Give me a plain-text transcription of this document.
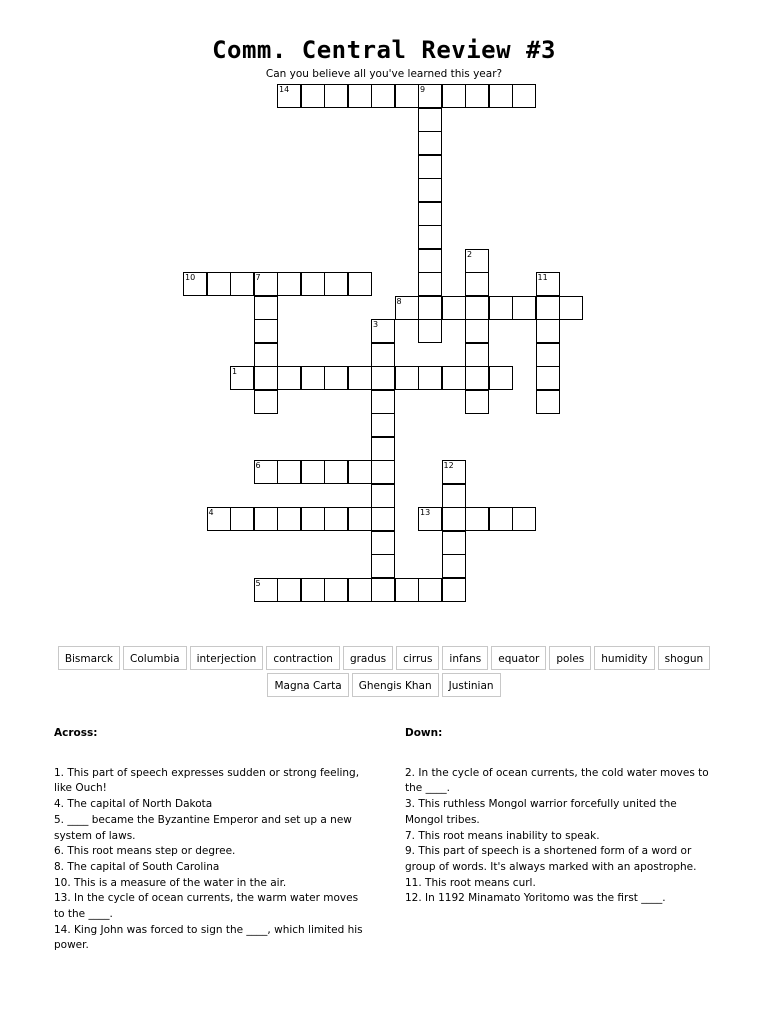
Comm. Central Review #3
Can you believe all you've learned this year?
14	9
2
10	7	11
8
3
1
6	12
4	13
5
Bismarck	Columbia	interjection	contraction	gradus	cirrus	infans	equator	poles	humidity	shogun
Magna Carta	Ghengis Khan	Justinian
Across:

1. This part of speech expresses sudden or strong feeling, like Ouch!

4. The capital of North Dakota

5. ____ became the Byzantine Emperor and set up a new system of laws.

6. This root means step or degree.

8. The capital of South Carolina

10. This is a measure of the water in the air.

13. In the cycle of ocean currents, the warm water moves to the ____.

14. King John was forced to sign the ____, which limited his power.

Down:

2. In the cycle of ocean currents, the cold water moves to the ____.

3. This ruthless Mongol warrior forcefully united the Mongol tribes.

7. This root means inability to speak.

9. This part of speech is a shortened form of a word or group of words. It's always marked with an apostrophe.

11. This root means curl.

12. In 1192 Minamato Yoritomo was the first ____.
